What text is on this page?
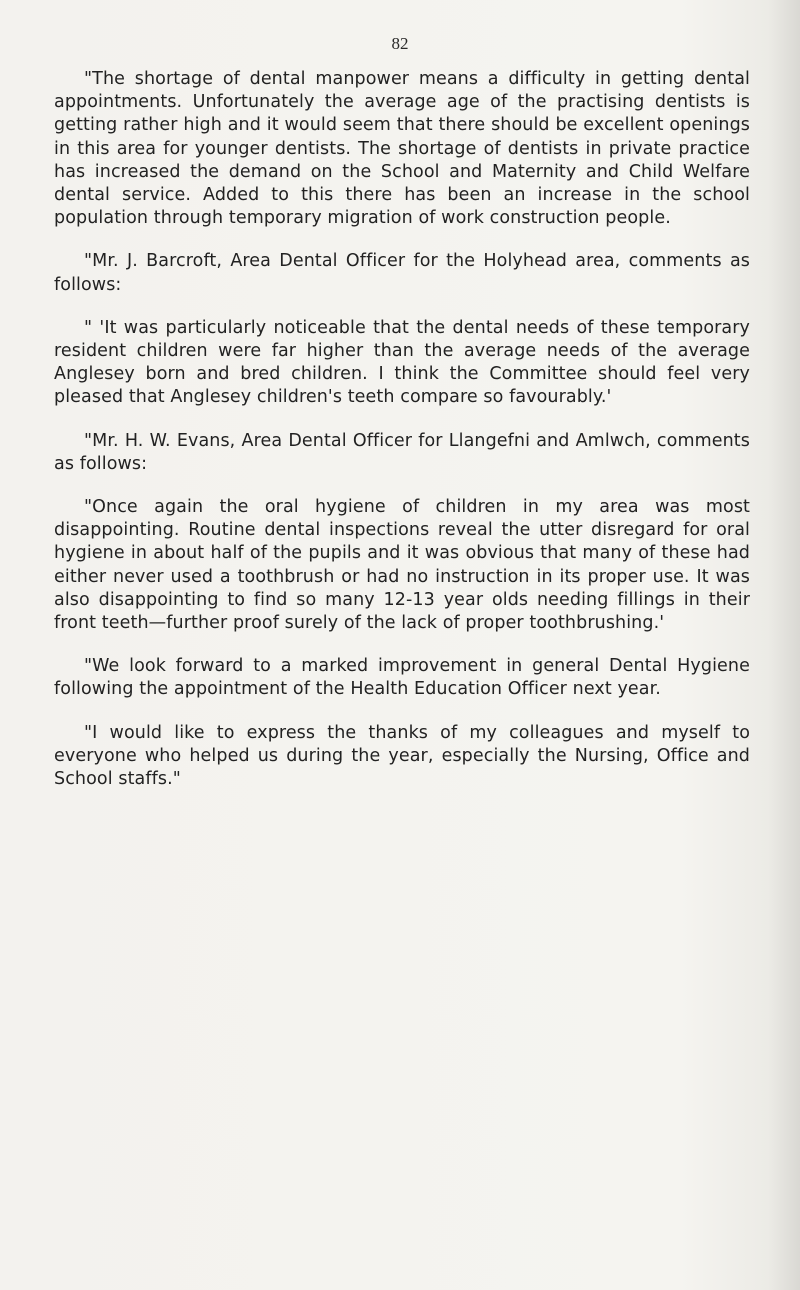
82

"The shortage of dental manpower means a difficulty in getting dental appointments. Unfortunately the average age of the practising dentists is getting rather high and it would seem that there should be excellent openings in this area for younger dentists. The shortage of dentists in private practice has increased the demand on the School and Maternity and Child Welfare dental service. Added to this there has been an increase in the school population through temporary migration of work construction people.

"Mr. J. Barcroft, Area Dental Officer for the Holyhead area, comments as follows:

" 'It was particularly noticeable that the dental needs of these temporary resident children were far higher than the average needs of the average Anglesey born and bred children. I think the Committee should feel very pleased that Anglesey children's teeth compare so favourably.'

"Mr. H. W. Evans, Area Dental Officer for Llangefni and Amlwch, comments as follows:

"Once again the oral hygiene of children in my area was most disappointing. Routine dental inspections reveal the utter disregard for oral hygiene in about half of the pupils and it was obvious that many of these had either never used a toothbrush or had no instruction in its proper use. It was also disappointing to find so many 12-13 year olds needing fillings in their front teeth—further proof surely of the lack of proper toothbrushing.'

"We look forward to a marked improvement in general Dental Hygiene following the appointment of the Health Education Officer next year.

"I would like to express the thanks of my colleagues and myself to everyone who helped us during the year, especially the Nursing, Office and School staffs."
